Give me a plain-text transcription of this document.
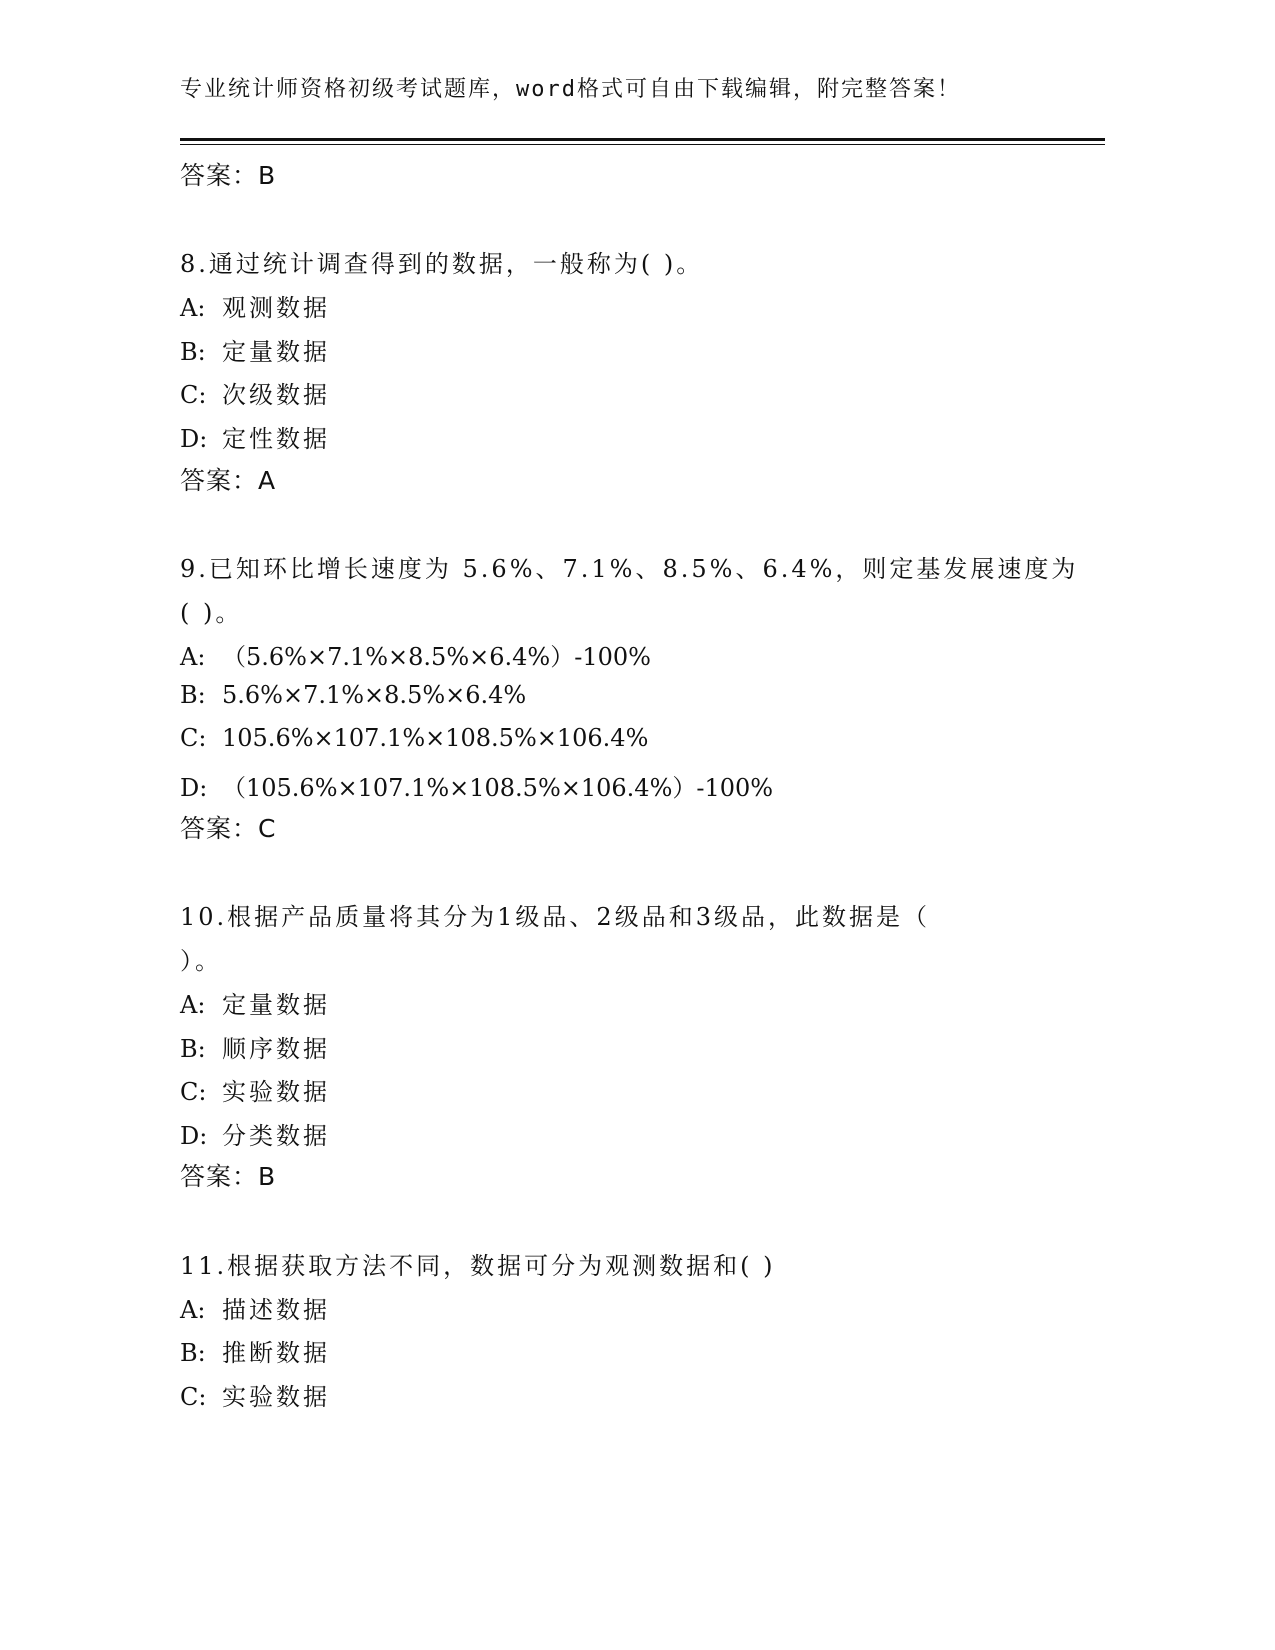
专业统计师资格初级考试题库，word格式可自由下载编辑，附完整答案！
答案：B
8.通过统计调查得到的数据，一般称为( )。
A: 观测数据
B: 定量数据
C: 次级数据
D: 定性数据
答案：A
9.已知环比增长速度为 5.6%、7.1%、8.5%、6.4%，则定基发展速度为
( )。
A: （5.6%×7.1%×8.5%×6.4%）-100%
B: 5.6%×7.1%×8.5%×6.4%
C: 105.6%×107.1%×108.5%×106.4%
D: （105.6%×107.1%×108.5%×106.4%）-100%
答案：C
10.根据产品质量将其分为1级品、2级品和3级品，此数据是（
）。
A: 定量数据
B: 顺序数据
C: 实验数据
D: 分类数据
答案：B
11.根据获取方法不同，数据可分为观测数据和( )
A: 描述数据
B: 推断数据
C: 实验数据
